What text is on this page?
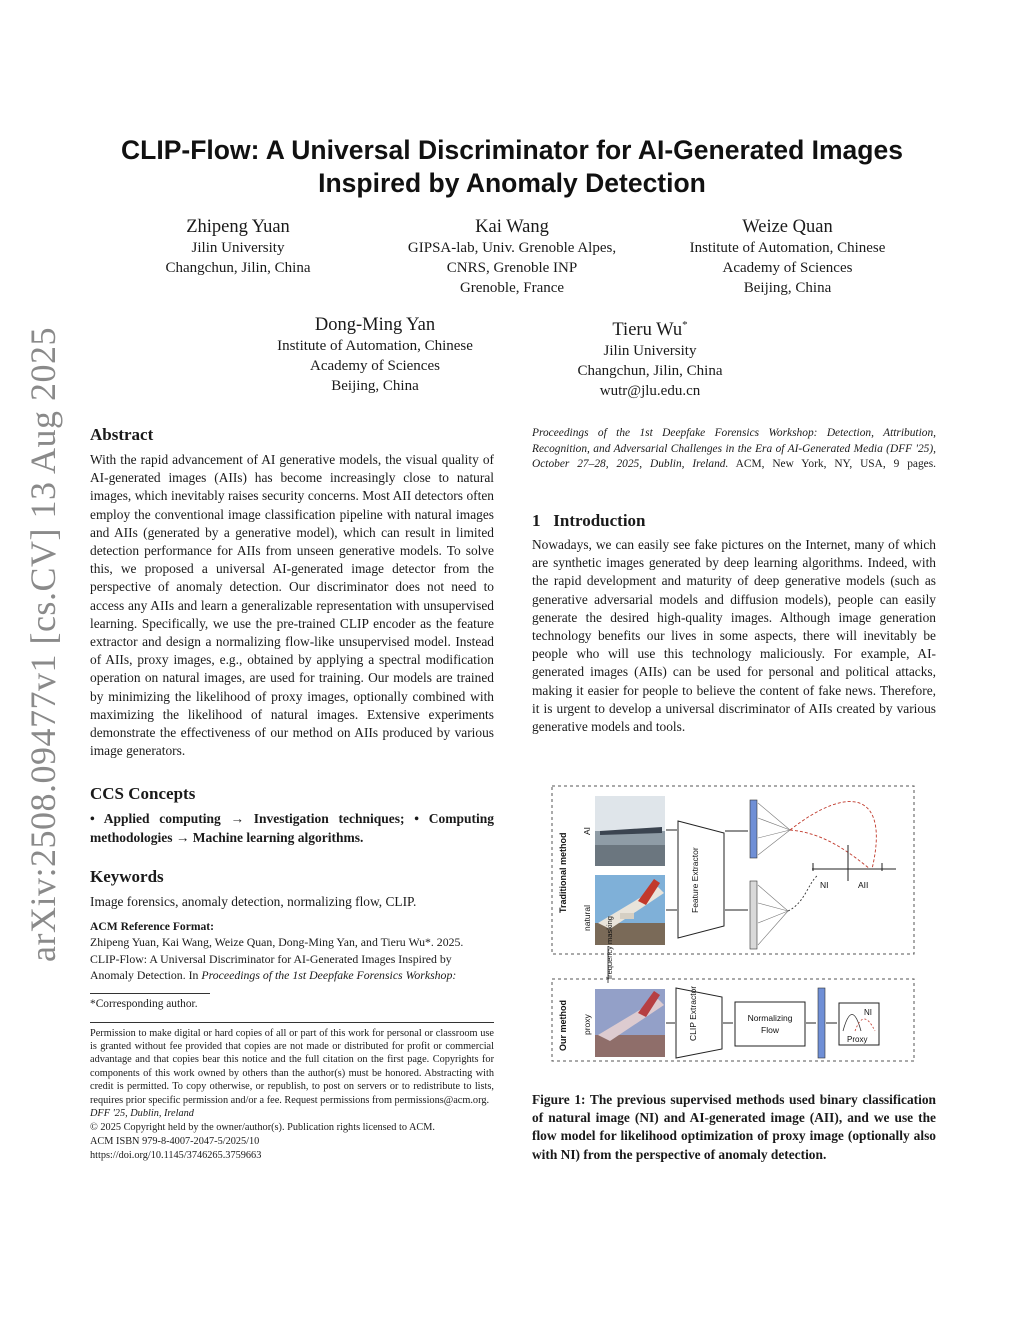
arXiv:2508.09477v1 [cs.CV] 13 Aug 2025
CLIP-Flow: A Universal Discriminator for AI-Generated Images
Inspired by Anomaly Detection
Zhipeng Yuan
Jilin University
Changchun, Jilin, China
Kai Wang
GIPSA-lab, Univ. Grenoble Alpes,
CNRS, Grenoble INP
Grenoble, France
Weize Quan
Institute of Automation, Chinese
Academy of Sciences
Beijing, China
Dong-Ming Yan
Institute of Automation, Chinese
Academy of Sciences
Beijing, China
Tieru Wu*
Jilin University
Changchun, Jilin, China
wutr@jlu.edu.cn
Abstract
With the rapid advancement of AI generative models, the visual quality of AI-generated images (AIIs) has become increasingly close to natural images, which inevitably raises security concerns. Most AII detectors often employ the conventional image classification pipeline with natural images and AIIs (generated by a generative model), which can result in limited detection performance for AIIs from unseen generative models. To solve this, we proposed a universal AI-generated image detector from the perspective of anomaly detection. Our discriminator does not need to access any AIIs and learn a generalizable representation with unsupervised learning. Specifically, we use the pre-trained CLIP encoder as the feature extractor and design a normalizing flow-like unsupervised model. Instead of AIIs, proxy images, e.g., obtained by applying a spectral modification operation on natural images, are used for training. Our models are trained by minimizing the likelihood of proxy images, optionally combined with maximizing the likelihood of natural images. Extensive experiments demonstrate the effectiveness of our method on AIIs produced by various image generators.
CCS Concepts
• Applied computing → Investigation techniques; • Computing methodologies → Machine learning algorithms.
Keywords
Image forensics, anomaly detection, normalizing flow, CLIP.
ACM Reference Format:
Zhipeng Yuan, Kai Wang, Weize Quan, Dong-Ming Yan, and Tieru Wu*. 2025. CLIP-Flow: A Universal Discriminator for AI-Generated Images Inspired by Anomaly Detection. In Proceedings of the 1st Deepfake Forensics Workshop:
*Corresponding author.
Permission to make digital or hard copies of all or part of this work for personal or classroom use is granted without fee provided that copies are not made or distributed for profit or commercial advantage and that copies bear this notice and the full citation on the first page. Copyrights for components of this work owned by others than the author(s) must be honored. Abstracting with credit is permitted. To copy otherwise, or republish, to post on servers or to redistribute to lists, requires prior specific permission and/or a fee. Request permissions from permissions@acm.org.
DFF '25, Dublin, Ireland
© 2025 Copyright held by the owner/author(s). Publication rights licensed to ACM.
ACM ISBN 979-8-4007-2047-5/2025/10
https://doi.org/10.1145/3746265.3759663
Proceedings of the 1st Deepfake Forensics Workshop: Detection, Attribution, Recognition, and Adversarial Challenges in the Era of AI-Generated Media (DFF '25), October 27–28, 2025, Dublin, Ireland. ACM, New York, NY, USA, 9 pages.
1 Introduction
Nowadays, we can easily see fake pictures on the Internet, many of which are synthetic images generated by deep learning algorithms. Indeed, with the rapid development and maturity of deep generative models (such as generative adversarial models and diffusion models), people can easily generate the desired high-quality images. Although image generation technology benefits our lives in some aspects, there will inevitably be people who will use this technology maliciously. For example, AI-generated images (AIIs) can be used for personal and political attacks, making it easier for people to believe the content of fake news. Therefore, it is urgent to develop a universal discriminator of AIIs created by various generative models and tools.
Traditional method
AI
natural
Feature Extractor	NI	AII
frequency masking
Our method proxy	CLIP Extractor	Normalizing
Flow
NI
Proxy
Figure 1: The previous supervised methods used binary classification of natural image (NI) and AI-generated image (AII), and we use the flow model for likelihood optimization of proxy image (optionally also with NI) from the perspective of anomaly detection.
